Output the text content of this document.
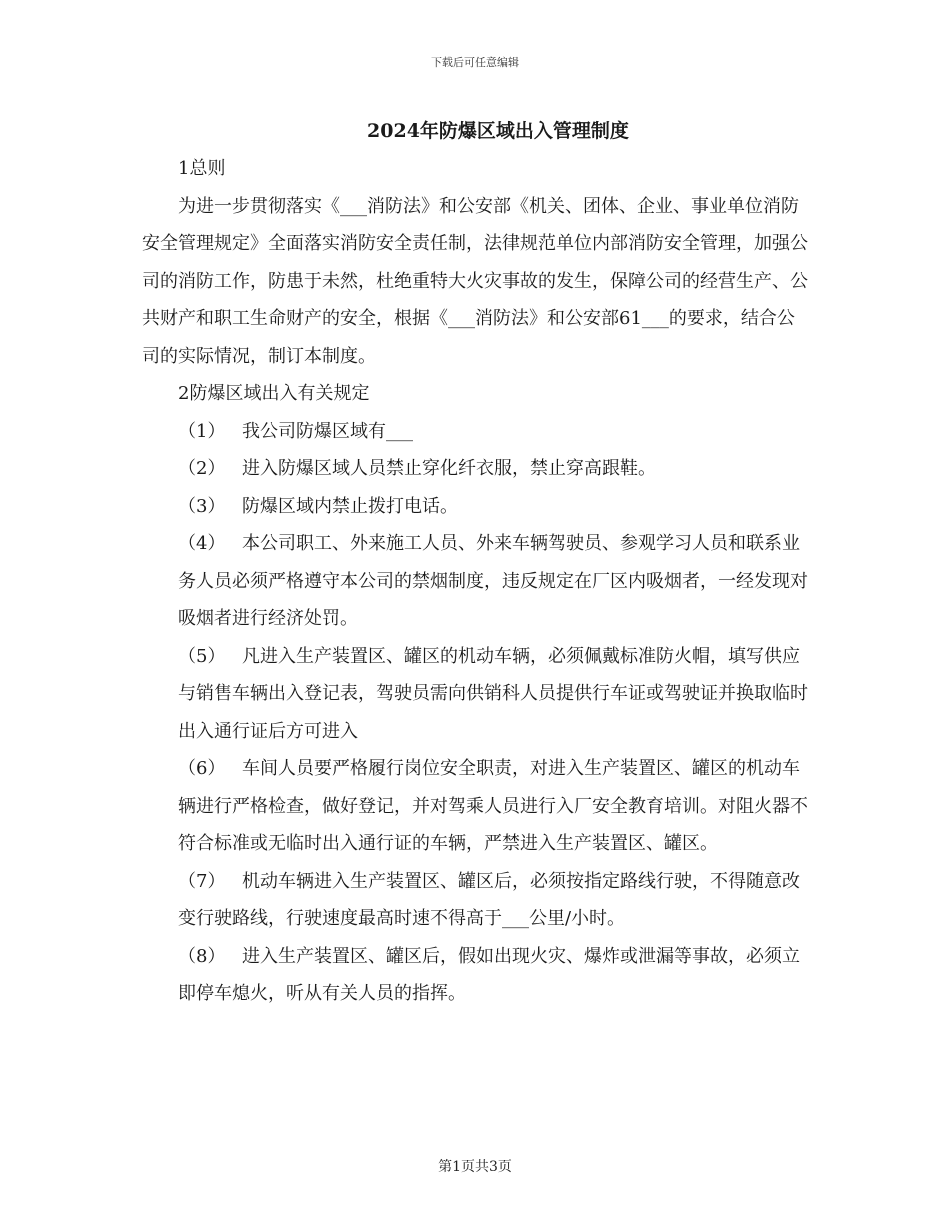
下载后可任意编辑
2024年防爆区域出入管理制度

1总则

为进一步贯彻落实《___消防法》和公安部《机关、团体、企业、事业单位消防安全管理规定》全面落实消防安全责任制，法律规范单位内部消防安全管理，加强公司的消防工作，防患于未然，杜绝重特大火灾事故的发生，保障公司的经营生产、公共财产和职工生命财产的安全，根据《___消防法》和公安部61___的要求，结合公司的实际情况，制订本制度。

2防爆区域出入有关规定

（1） 我公司防爆区域有___

（2） 进入防爆区域人员禁止穿化纤衣服，禁止穿高跟鞋。

（3） 防爆区域内禁止拨打电话。

（4） 本公司职工、外来施工人员、外来车辆驾驶员、参观学习人员和联系业务人员必须严格遵守本公司的禁烟制度，违反规定在厂区内吸烟者，一经发现对吸烟者进行经济处罚。

（5） 凡进入生产装置区、罐区的机动车辆，必须佩戴标准防火帽，填写供应与销售车辆出入登记表，驾驶员需向供销科人员提供行车证或驾驶证并换取临时出入通行证后方可进入

（6） 车间人员要严格履行岗位安全职责，对进入生产装置区、罐区的机动车辆进行严格检查，做好登记，并对驾乘人员进行入厂安全教育培训。对阻火器不符合标准或无临时出入通行证的车辆，严禁进入生产装置区、罐区。

（7） 机动车辆进入生产装置区、罐区后，必须按指定路线行驶，不得随意改变行驶路线，行驶速度最高时速不得高于___公里/小时。

（8） 进入生产装置区、罐区后，假如出现火灾、爆炸或泄漏等事故，必须立即停车熄火，听从有关人员的指挥。

第1页共3页
